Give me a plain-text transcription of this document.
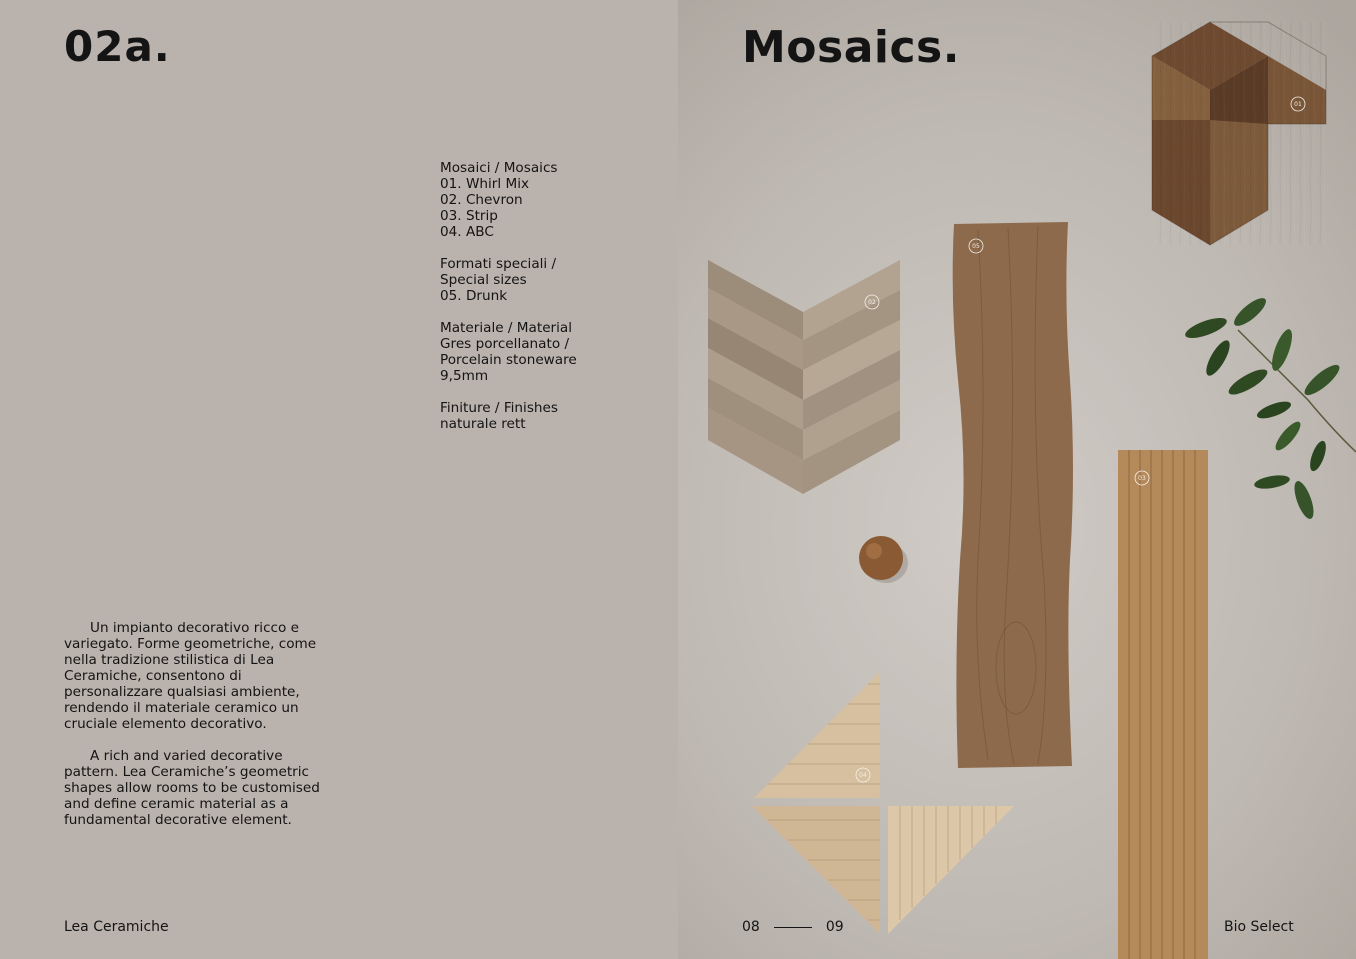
02a.
Mosaici / Mosaics
01. Whirl Mix
02. Chevron
03. Strip
04. ABC
Formati speciali /
Special sizes
05. Drunk
Materiale / Material
Gres porcellanato /
Porcelain stoneware
9,5mm
Finiture / Finishes
naturale rett

Un impianto decorativo ricco e variegato. Forme geometriche, come nella tradizione stilistica di Lea Ceramiche, consentono di personalizzare qualsiasi ambiente, rendendo il materiale ceramico un cruciale elemento decorativo.

A rich and varied decorative pattern. Lea Ceramiche’s geometric shapes allow rooms to be customised and define ceramic material as a fundamental decorative element.

Lea Ceramiche
01
02
05
03
04
Mosaics.
08	09	Bio Select
